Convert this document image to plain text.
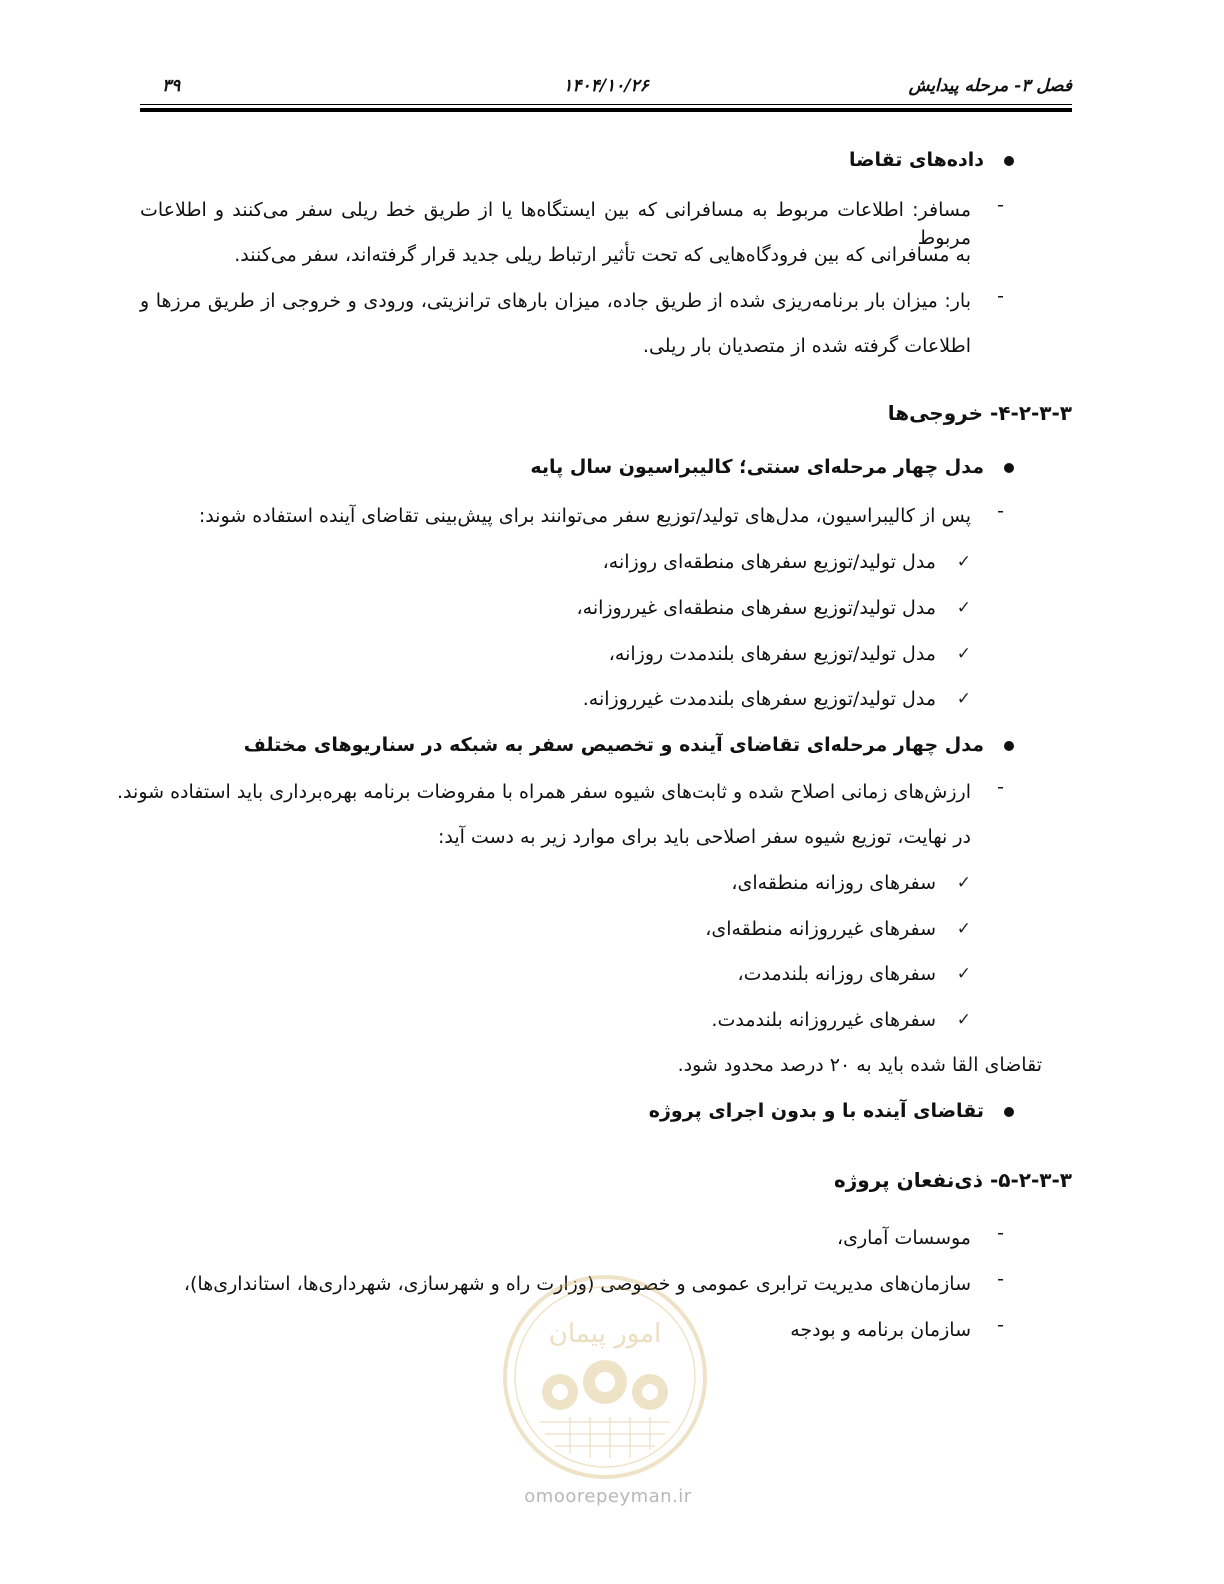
فصل ۳- مرحله پیدایش
۱۴۰۴/۱۰/۲۶
۳۹
داده‌های تقاضا
-
مسافر: اطلاعات مربوط به مسافرانی که بین ایستگاه‌ها یا از طریق خط ریلی سفر می‌کنند و اطلاعات مربوط
به مسافرانی که بین فرودگاه‌هایی که تحت تأثیر ارتباط ریلی جدید قرار گرفته‌اند، سفر می‌کنند.
-
بار: میزان بار برنامه‌ریزی شده از طریق جاده، میزان بارهای ترانزیتی، ورودی و خروجی از طریق مرزها و
اطلاعات گرفته شده از متصدیان بار ریلی.
۴-۲-۳-۳- خروجی‌ها
مدل چهار مرحله‌ای سنتی؛ کالیبراسیون سال پایه
-
پس از کالیبراسیون، مدل‌های تولید/توزیع سفر می‌توانند برای پیش‌بینی تقاضای آینده استفاده شوند:
✓
مدل تولید/توزیع سفرهای منطقه‌ای روزانه،
✓
مدل تولید/توزیع سفرهای منطقه‌ای غیرروزانه،
✓
مدل تولید/توزیع سفرهای بلندمدت روزانه،
✓
مدل تولید/توزیع سفرهای بلندمدت غیرروزانه.
مدل چهار مرحله‌ای تقاضای آینده و تخصیص سفر به شبکه در سناریوهای مختلف
-
ارزش‌های زمانی اصلاح شده و ثابت‌های شیوه سفر همراه با مفروضات برنامه بهره‌برداری باید استفاده شوند.
در نهایت، توزیع شیوه سفر اصلاحی باید برای موارد زیر به دست آید:
✓
سفرهای روزانه منطقه‌ای،
✓
سفرهای غیرروزانه منطقه‌ای،
✓
سفرهای روزانه بلندمدت،
✓
سفرهای غیرروزانه بلندمدت.
تقاضای القا شده باید به ۲۰ درصد محدود شود.
تقاضای آینده با و بدون اجرای پروژه
۵-۲-۳-۳- ذی‌نفعان پروژه
-
موسسات آماری،
-
سازمان‌های مدیریت ترابری عمومی و خصوصی (وزارت راه و شهرسازی، شهرداری‌ها، استانداری‌ها)،
-
سازمان برنامه و بودجه
امور پیمان
omoorepeyman.ir
